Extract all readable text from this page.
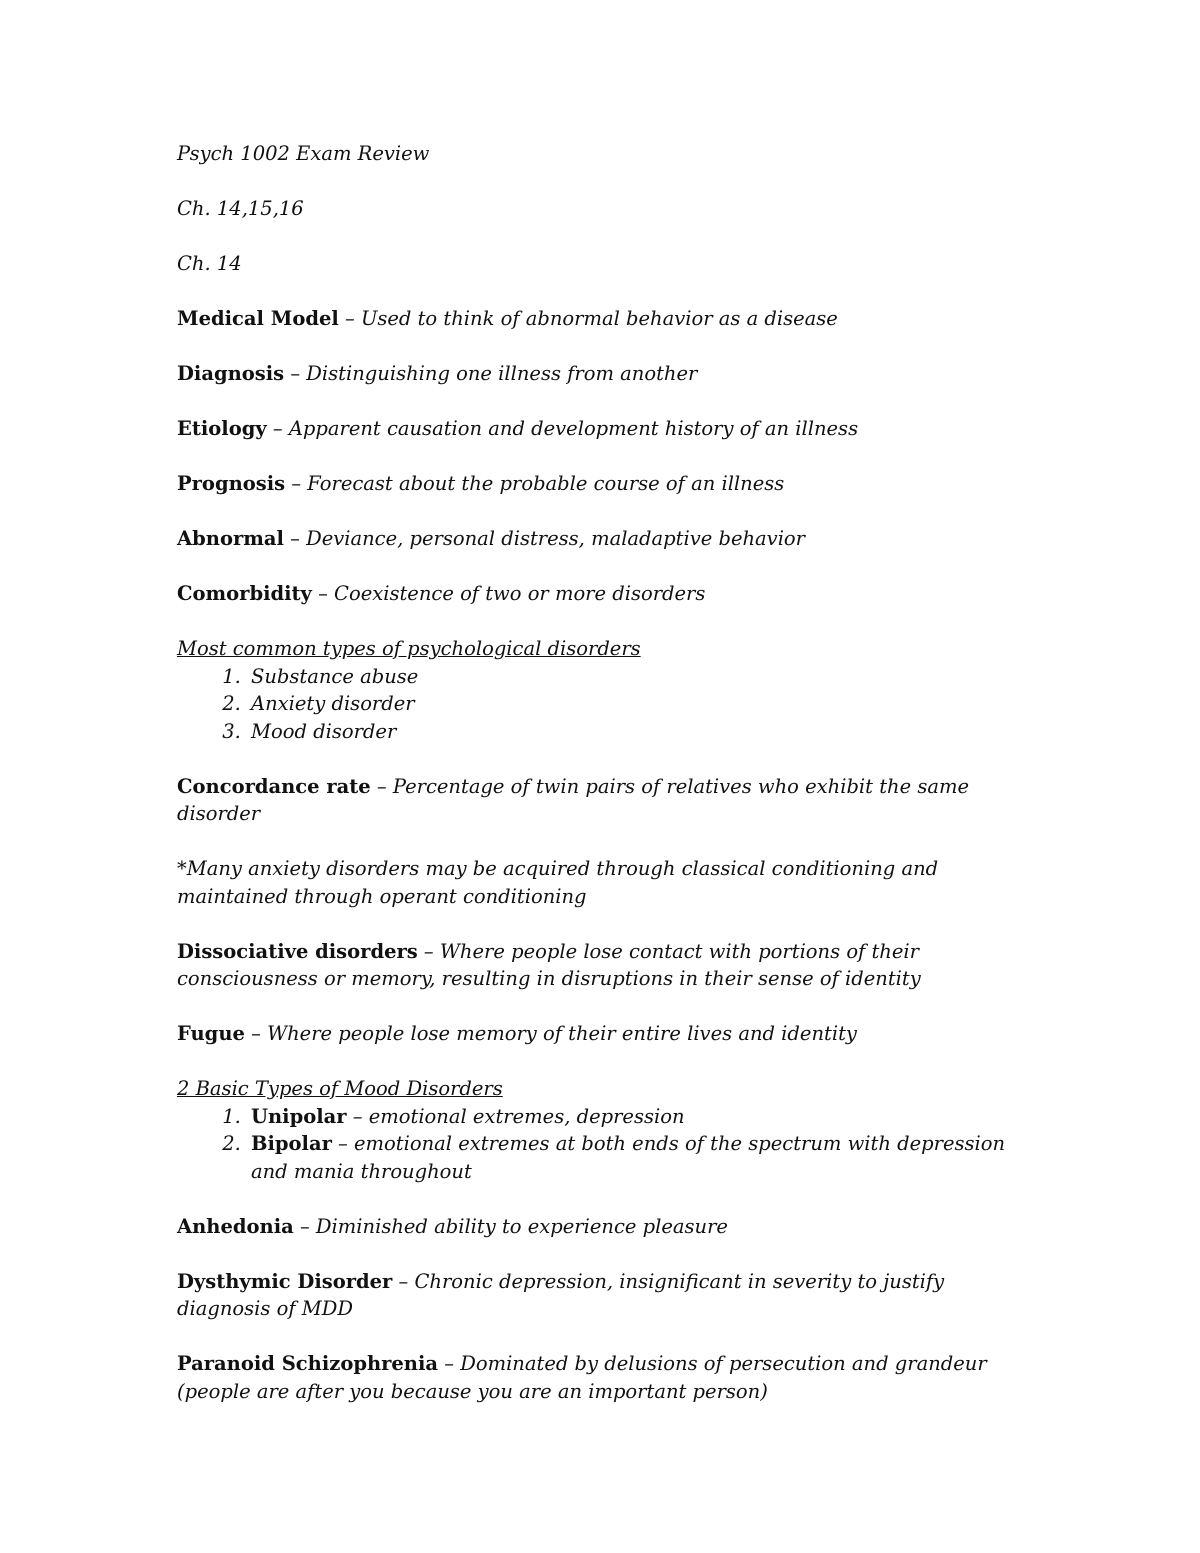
Psych 1002 Exam Review

Ch. 14,15,16

Ch. 14

Medical Model – Used to think of abnormal behavior as a disease

Diagnosis – Distinguishing one illness from another

Etiology – Apparent causation and development history of an illness

Prognosis – Forecast about the probable course of an illness

Abnormal – Deviance, personal distress, maladaptive behavior

Comorbidity – Coexistence of two or more disorders

Most common types of psychological disorders
1. Substance abuse
2. Anxiety disorder
3. Mood disorder

Concordance rate – Percentage of twin pairs of relatives who exhibit the same disorder

*Many anxiety disorders may be acquired through classical conditioning and maintained through operant conditioning

Dissociative disorders – Where people lose contact with portions of their consciousness or memory, resulting in disruptions in their sense of identity

Fugue – Where people lose memory of their entire lives and identity

2 Basic Types of Mood Disorders
1. Unipolar – emotional extremes, depression
2. Bipolar – emotional extremes at both ends of the spectrum with depression and mania throughout

Anhedonia – Diminished ability to experience pleasure

Dysthymic Disorder – Chronic depression, insignificant in severity to justify diagnosis of MDD

Paranoid Schizophrenia – Dominated by delusions of persecution and grandeur (people are after you because you are an important person)
